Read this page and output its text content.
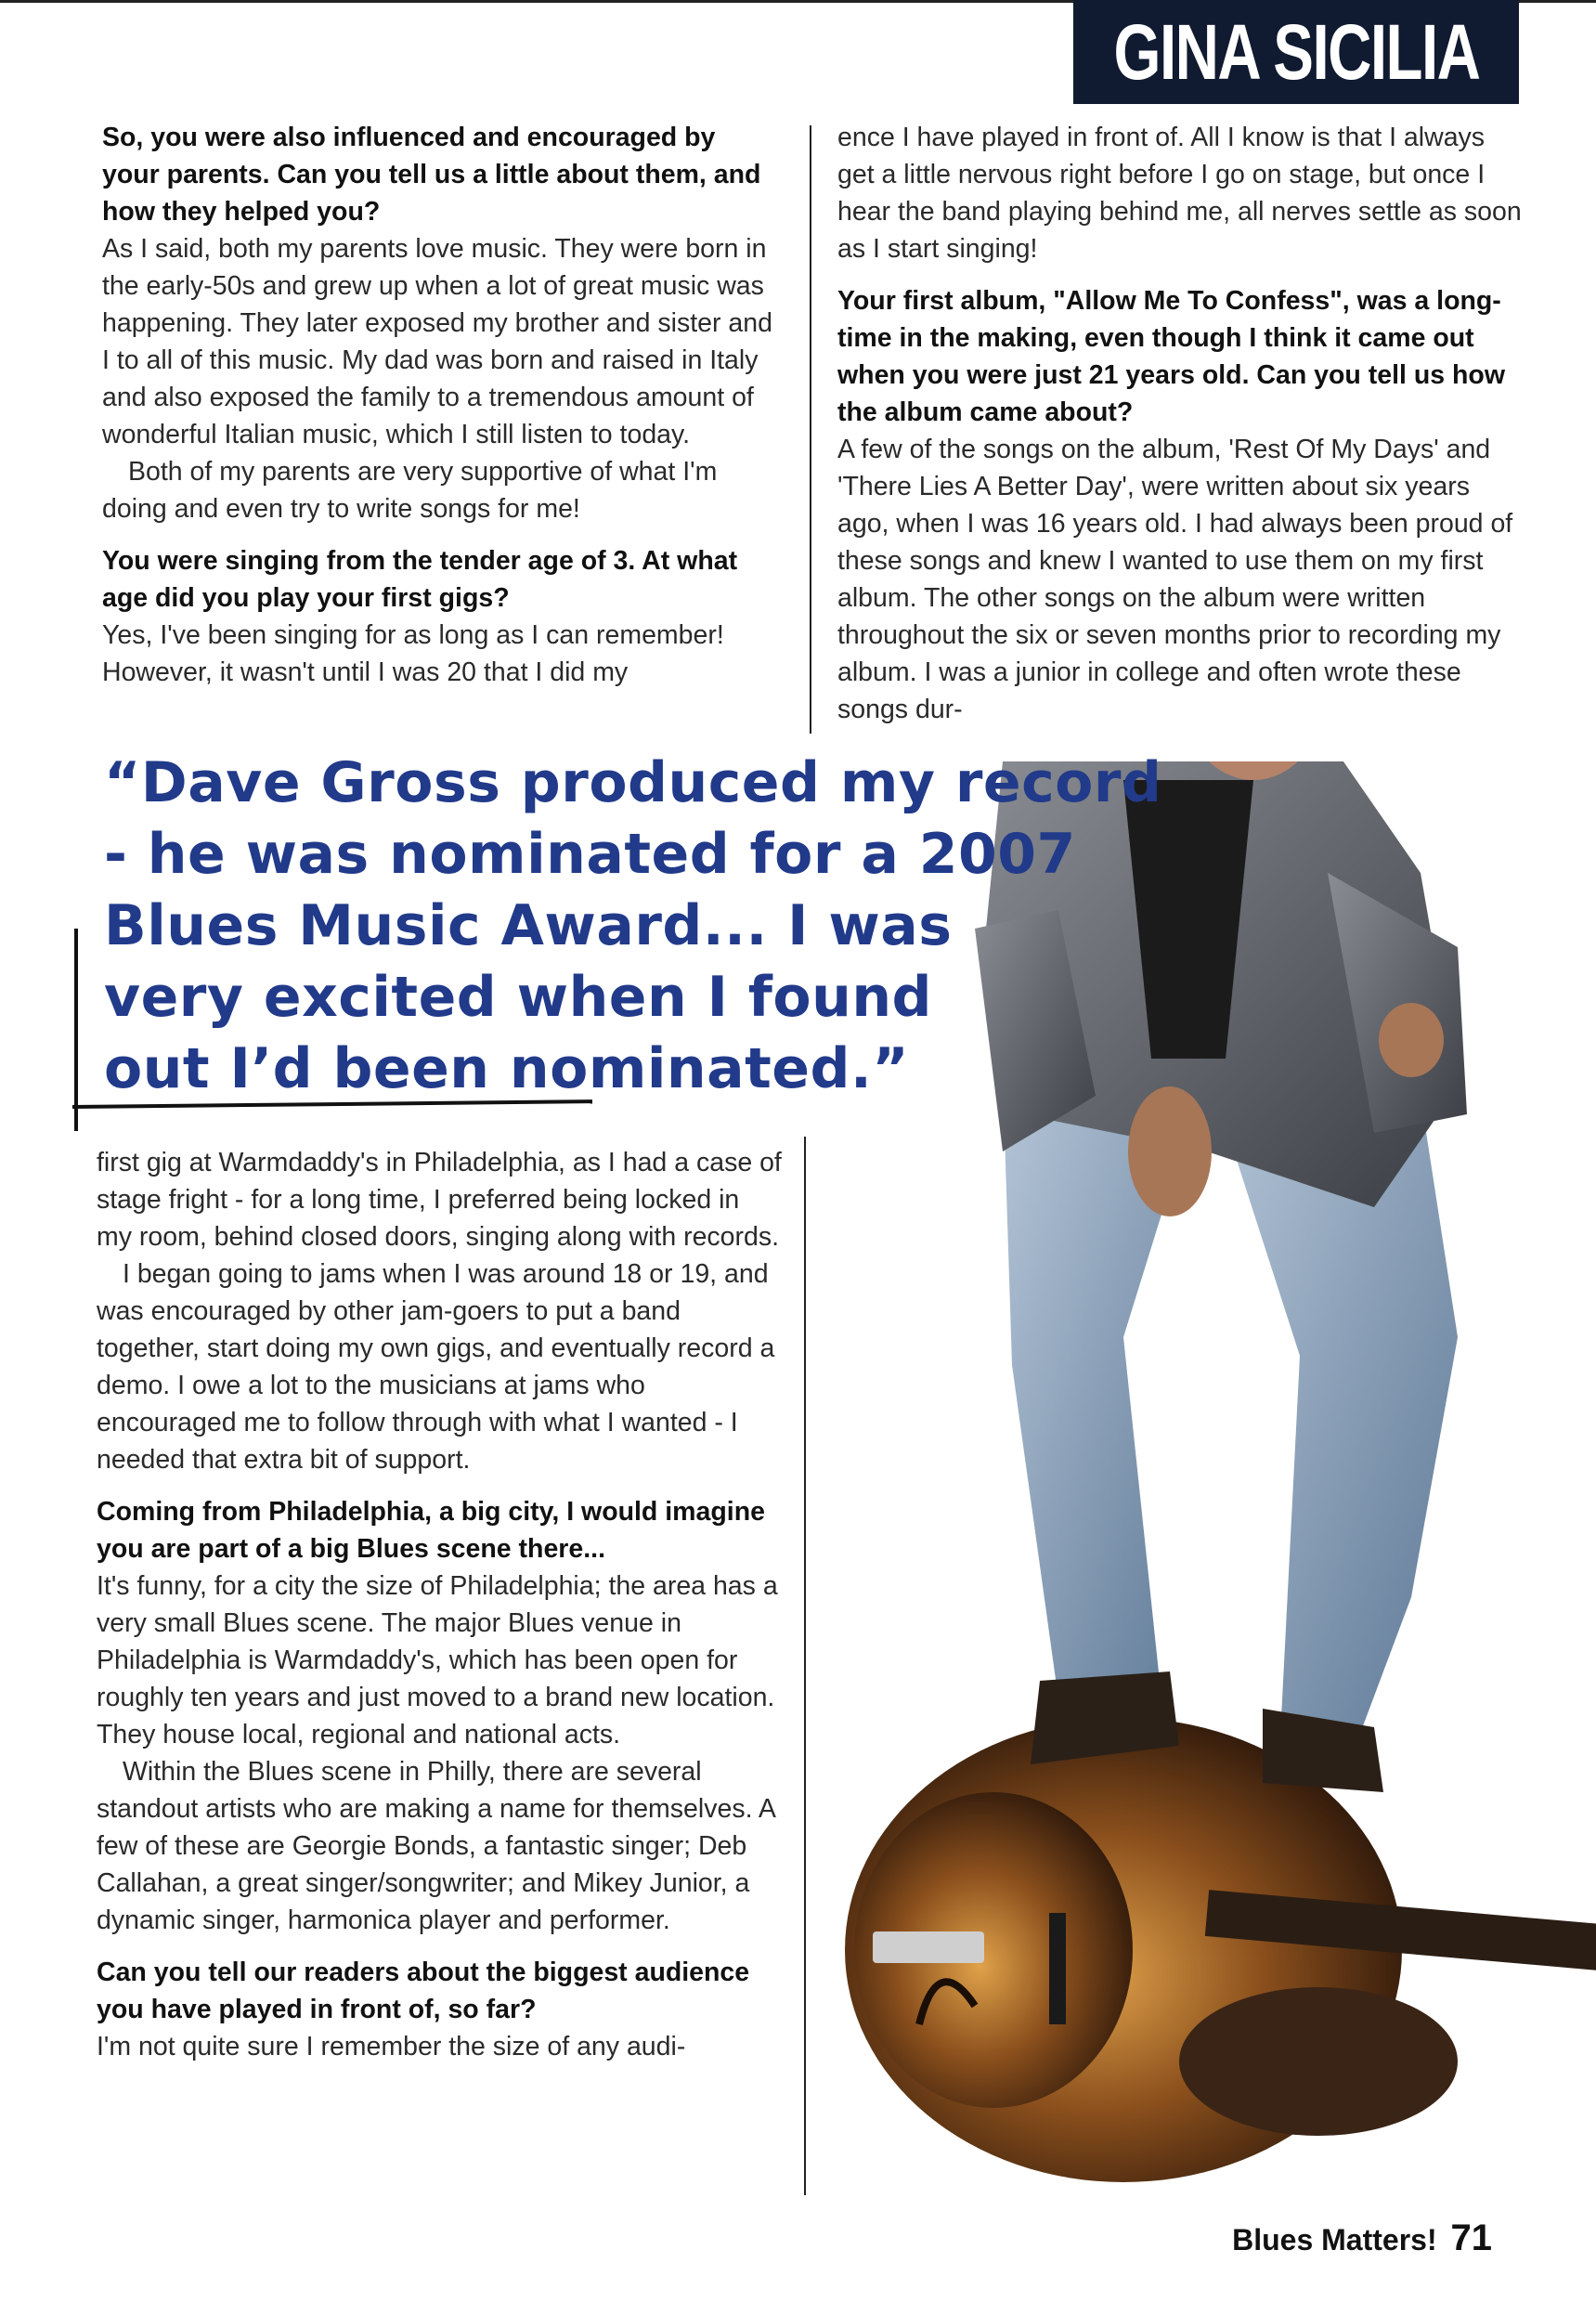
GINA SICILIA

So, you were also influenced and encouraged by your parents. Can you tell us a little about them, and how they helped you?

As I said, both my parents love music. They were born in the early-50s and grew up when a lot of great music was happening. They later exposed my brother and sister and I to all of this music. My dad was born and raised in Italy and also exposed the family to a tremendous amount of wonderful Italian music, which I still listen to today.

Both of my parents are very supportive of what I'm doing and even try to write songs for me!

You were singing from the tender age of 3. At what age did you play your first gigs?

Yes, I've been singing for as long as I can remember! However, it wasn't until I was 20 that I did my

ence I have played in front of. All I know is that I always get a little nervous right before I go on stage, but once I hear the band playing behind me, all nerves settle as soon as I start singing!

Your first album, "Allow Me To Confess", was a long-time in the making, even though I think it came out when you were just 21 years old. Can you tell us how the album came about?

A few of the songs on the album, 'Rest Of My Days' and 'There Lies A Better Day', were written about six years ago, when I was 16 years old. I had always been proud of these songs and knew I wanted to use them on my first album. The other songs on the album were written throughout the six or seven months prior to recording my album. I was a junior in college and often wrote these songs dur-

“Dave Gross produced my record
- he was nominated for a 2007
Blues Music Award... I was
very excited when I found
out I’d been nominated.”

first gig at Warmdaddy's in Philadelphia, as I had a case of stage fright - for a long time, I preferred being locked in my room, behind closed doors, singing along with records.

I began going to jams when I was around 18 or 19, and was encouraged by other jam-goers to put a band together, start doing my own gigs, and eventually record a demo. I owe a lot to the musicians at jams who encouraged me to follow through with what I wanted - I needed that extra bit of support.

Coming from Philadelphia, a big city, I would imagine you are part of a big Blues scene there...

It's funny, for a city the size of Philadelphia; the area has a very small Blues scene. The major Blues venue in Philadelphia is Warmdaddy's, which has been open for roughly ten years and just moved to a brand new location. They house local, regional and national acts.

Within the Blues scene in Philly, there are several standout artists who are making a name for themselves. A few of these are Georgie Bonds, a fantastic singer; Deb Callahan, a great singer/songwriter; and Mikey Junior, a dynamic singer, harmonica player and performer.

Can you tell our readers about the biggest audience you have played in front of, so far?

I'm not quite sure I remember the size of any audi-

Blues Matters! 71
